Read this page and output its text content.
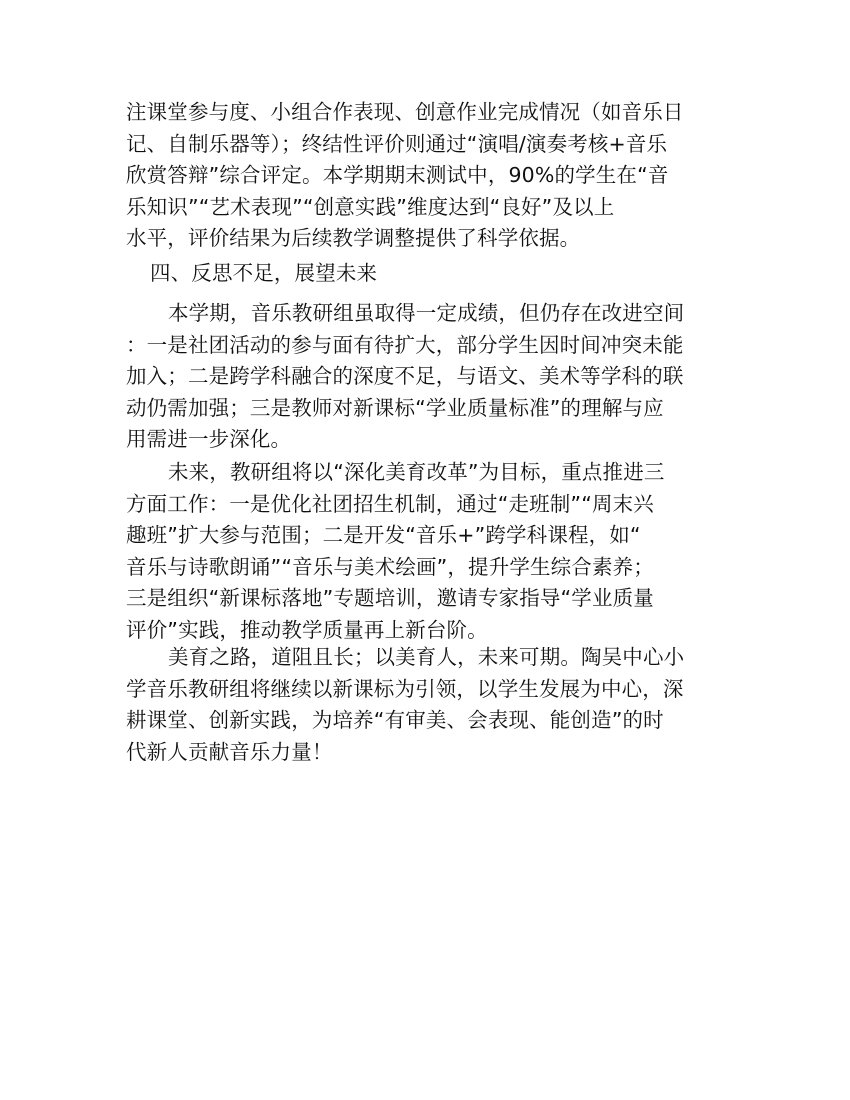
注课堂参与度、小组合作表现、创意作业完成情况（如音乐日
记、自制乐器等）；终结性评价则通过“演唱/演奏考核+音乐
欣赏答辩”综合评定。本学期期末测试中，90%的学生在“音
乐知识”“艺术表现”“创意实践”维度达到“良好”及以上
水平，评价结果为后续教学调整提供了科学依据。
四、反思不足，展望未来
本学期，音乐教研组虽取得一定成绩，但仍存在改进空间
：一是社团活动的参与面有待扩大，部分学生因时间冲突未能
加入；二是跨学科融合的深度不足，与语文、美术等学科的联
动仍需加强；三是教师对新课标“学业质量标准”的理解与应
用需进一步深化。
未来，教研组将以“深化美育改革”为目标，重点推进三
方面工作：一是优化社团招生机制，通过“走班制”“周末兴
趣班”扩大参与范围；二是开发“音乐+”跨学科课程，如“
音乐与诗歌朗诵”“音乐与美术绘画”，提升学生综合素养；
三是组织“新课标落地”专题培训，邀请专家指导“学业质量
评价”实践，推动教学质量再上新台阶。
美育之路，道阻且长；以美育人，未来可期。陶吴中心小
学音乐教研组将继续以新课标为引领，以学生发展为中心，深
耕课堂、创新实践，为培养“有审美、会表现、能创造”的时
代新人贡献音乐力量！
